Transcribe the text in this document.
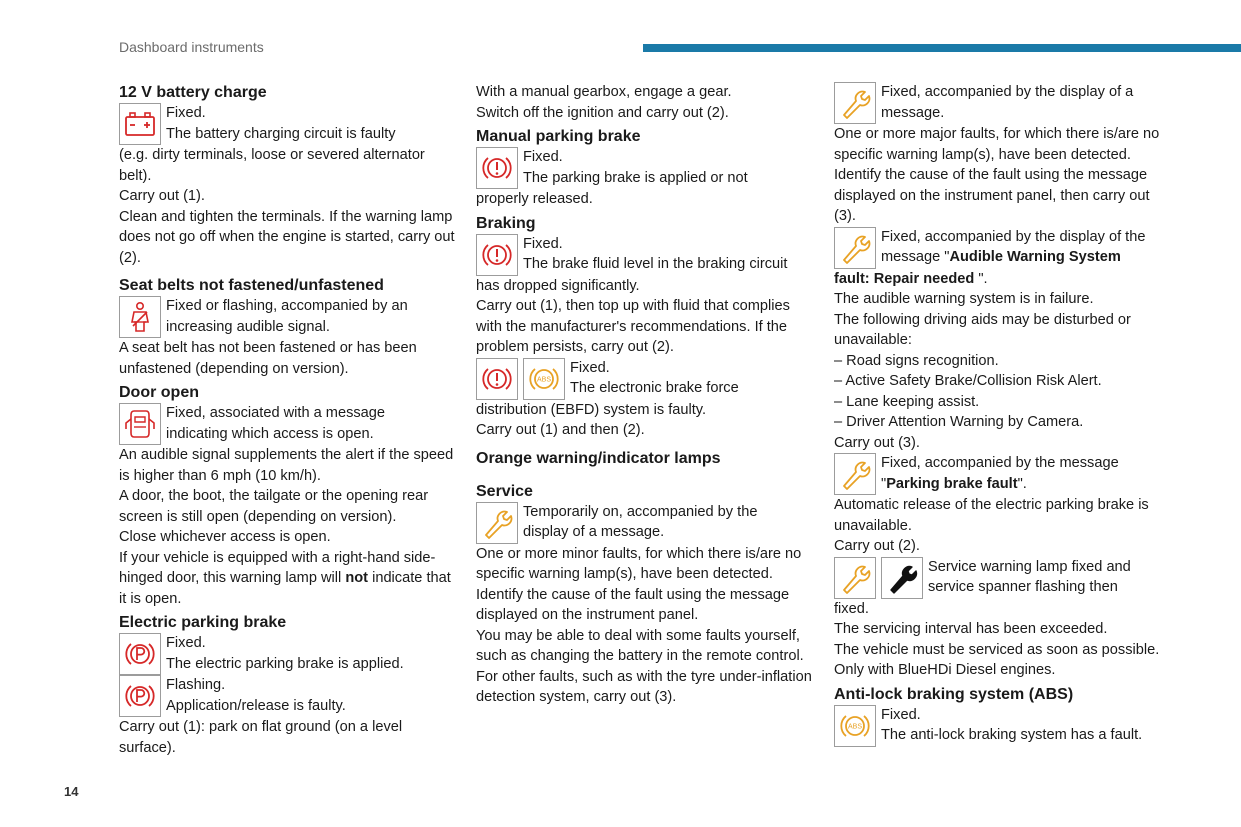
Dashboard instruments
12 V battery charge

Fixed.

The battery charging circuit is faulty

(e.g. dirty terminals, loose or severed alternator belt).

Carry out (1).

Clean and tighten the terminals. If the warning lamp does not go off when the engine is started, carry out (2).

Seat belts not fastened/unfastened

Fixed or flashing, accompanied by an

increasing audible signal.

A seat belt has not been fastened or has been unfastened (depending on version).

Door open

Fixed, associated with a message

indicating which access is open.

An audible signal supplements the alert if the speed is higher than 6 mph (10 km/h).

A door, the boot, the tailgate or the opening rear screen is still open (depending on version).

Close whichever access is open.

If your vehicle is equipped with a right-hand side-hinged door, this warning lamp will not indicate that it is open.

Electric parking brake

Fixed.

The electric parking brake is applied.

Flashing.

Application/release is faulty.

Carry out (1): park on flat ground (on a level surface).

With a manual gearbox, engage a gear.

Switch off the ignition and carry out (2).

Manual parking brake

Fixed.

The parking brake is applied or not

properly released.

Braking

Fixed.

The brake fluid level in the braking circuit

has dropped significantly.

Carry out (1), then top up with fluid that complies with the manufacturer's recommendations. If the problem persists, carry out (2).

ABS

Fixed.

The electronic brake force

distribution (EBFD) system is faulty.

Carry out (1) and then (2).

Orange warning/indicator lamps
Service

Temporarily on, accompanied by the

display of a message.

One or more minor faults, for which there is/are no specific warning lamp(s), have been detected.

Identify the cause of the fault using the message displayed on the instrument panel.

You may be able to deal with some faults yourself, such as changing the battery in the remote control.

For other faults, such as with the tyre under-inflation detection system, carry out (3).

Fixed, accompanied by the display of a

message.

One or more major faults, for which there is/are no specific warning lamp(s), have been detected.

Identify the cause of the fault using the message displayed on the instrument panel, then carry out (3).

Fixed, accompanied by the display of the

message "Audible Warning System

fault: Repair needed ".

The audible warning system is in failure.

The following driving aids may be disturbed or unavailable:

– Road signs recognition.

– Active Safety Brake/Collision Risk Alert.

– Lane keeping assist.

– Driver Attention Warning by Camera.

Carry out (3).

Fixed, accompanied by the message

"Parking brake fault".

Automatic release of the electric parking brake is unavailable.

Carry out (2).

Service warning lamp fixed and

service spanner flashing then

fixed.

The servicing interval has been exceeded.

The vehicle must be serviced as soon as possible.

Only with BlueHDi Diesel engines.

Anti-lock braking system (ABS)
ABS

Fixed.

The anti-lock braking system has a fault.

14
